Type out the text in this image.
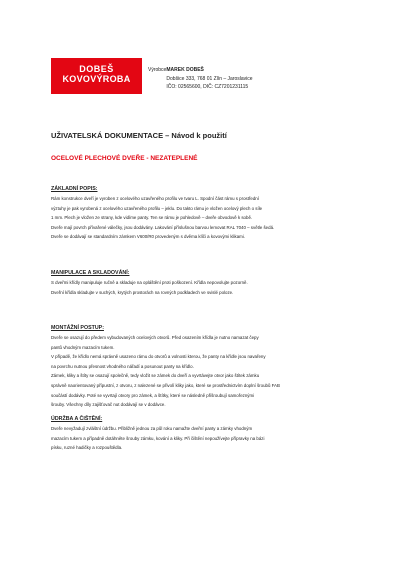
DOBEŠ
KOVOVÝROBA
Výrobce: MAREK DOBEŠ
Dobšice 333, 768 01 Zlín – Jaroslavice
IČO: 02565600, DIČ: CZ7201231115
UŽIVATELSKÁ DOKUMENTACE – Návod k použití
OCELOVÉ PLECHOVÉ DVEŘE - NEZATEPLENÉ
ZÁKLADNÍ POPIS:
Rám konstrukce dveří je vyroben z ocelového uzavřeného profilu ve tvaru L. Spodní část rámu s prostřední
výztuhy je pak vyrobená z ocelového uzavřeného profilu – jeklu. Do takto rámu je vložen ocelový plech o síle
1 mm. Plech je vložen ze strany, kde vidíme panty. Ten se rámu je pohledově – dveře obvodově k sobě.
Dveře mají povrch přívařené válečky, jsou dodávány. Lakování příslušnou barvou lemovat RAL 7040 – světle šedá.
Dveře se dodávají se standardním zámkem V600/R0 provedeným s dvěma klíči a kovovými klikami.
MANIPULACE A SKLADOVÁNÍ:
S dveřmi křídly manipuluje ručně a skladuje na opláštění proti poškození. Křídla nepovolujte pozorně.
Dveřní křídla skladujte v suchých, krytých prostorách na rovných podkladech ve svislé poloze.
MONTÁŽNÍ POSTUP:
Dveře se osazují do předem vybudovaných ocelových otvorů. Před osazením křídla je nutno namazat čepy
pantů vhodným mazacím tukem.
V případě, že křídlo nemá správně usazeno rámu do otvorů a volnosti kterou, že panty na křídle jsou navařeny
na povrchu nutnou přesnost vhodného nářadí a posunout panty na křídlo.
Zámek, kliky a štíty se osazují společně, tedy vložit se zámek do dveří a vyvrtávejte otvor jako štítek zámku
správně naorientovaný přípustní, z otvoru, z nalezené se přivolí kliky jako, které se prostřednictvím doplní šroubů FAB
součástí dodávky. Poté se vyvrtají otvory pro zámek, a štítky, které se následně přišroubují samořeznými
šrouby. Všechny díly zajišťovač nut dodávají se v dodávce.
ÚDRŽBA A ČIŠTĚNÍ:
Dveře nevyžadují zvláštní údržbu. Přibližně jednou za půl roku namažte dveřní panty a zámky vhodným
mazacím tukem a případně dotáhněte šrouby zámku, kování a kliky. Při čištění nepoužívejte přípravky na bázi
písku, ruzné hadičky a rozpouštědla.
